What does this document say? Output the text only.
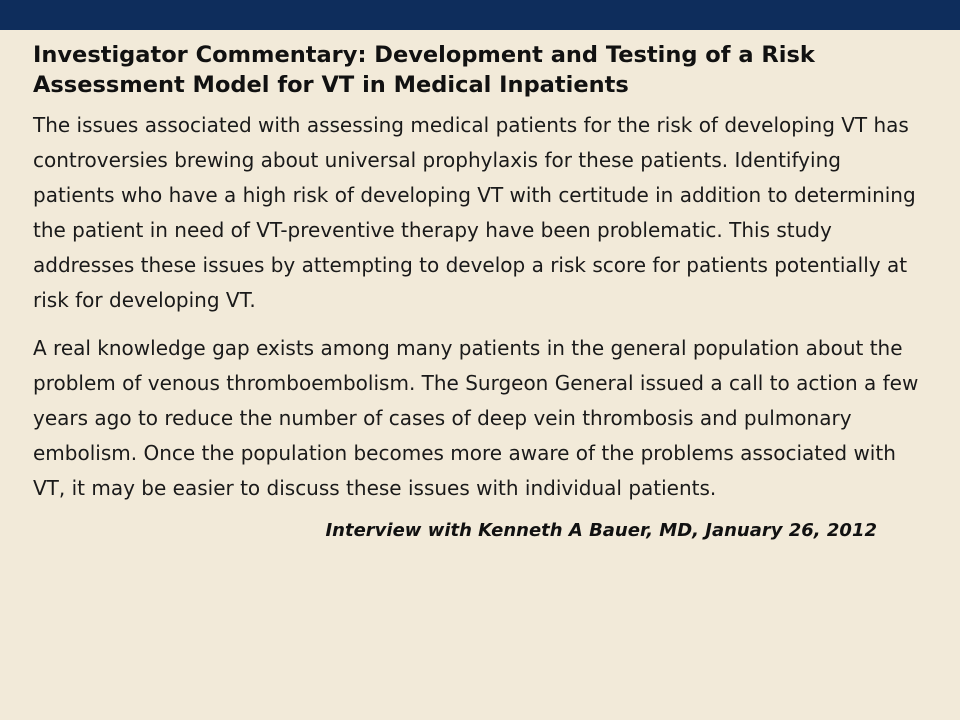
Investigator Commentary: Development and Testing of a Risk Assessment Model for VT in Medical Inpatients

The issues associated with assessing medical patients for the risk of developing VT has controversies brewing about universal prophylaxis for these patients. Identifying patients who have a high risk of developing VT with certitude in addition to determining the patient in need of VT-preventive therapy have been problematic. This study addresses these issues by attempting to develop a risk score for patients potentially at risk for developing VT.

A real knowledge gap exists among many patients in the general population about the problem of venous thromboembolism. The Surgeon General issued a call to action a few years ago to reduce the number of cases of deep vein thrombosis and pulmonary embolism. Once the population becomes more aware of the problems associated with VT, it may be easier to discuss these issues with individual patients.

Interview with Kenneth A Bauer, MD, January 26, 2012
